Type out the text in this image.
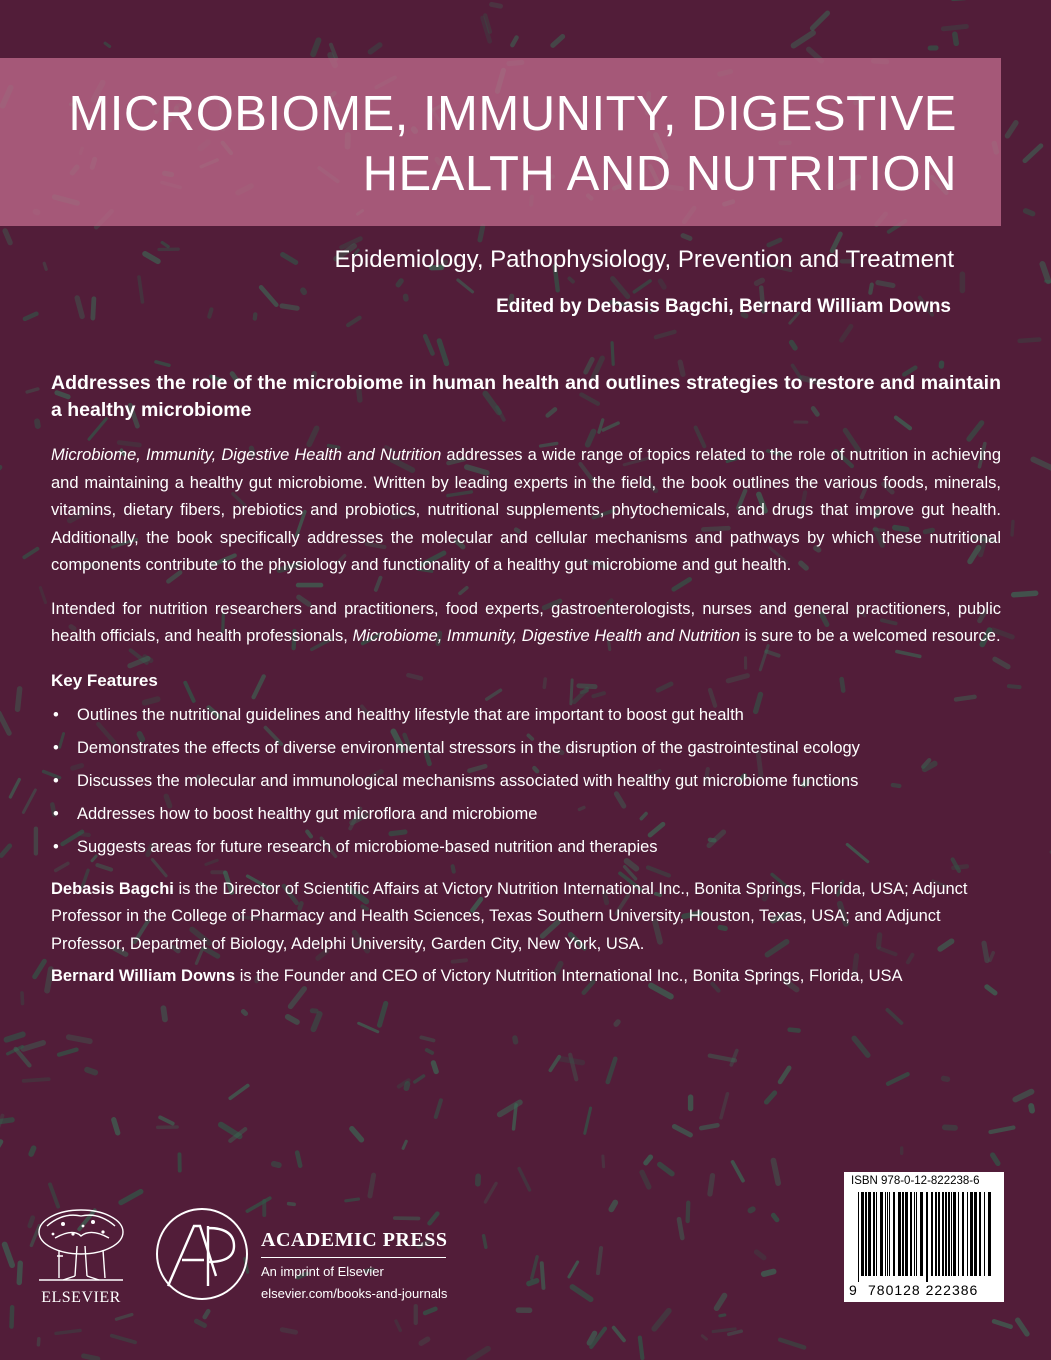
MICROBIOME, IMMUNITY, DIGESTIVE
HEALTH AND NUTRITION
Epidemiology, Pathophysiology, Prevention and Treatment
Edited by Debasis Bagchi, Bernard William Downs

Addresses the role of the microbiome in human health and outlines strategies to restore and maintain a healthy microbiome

Microbiome, Immunity, Digestive Health and Nutrition addresses a wide range of topics related to the role of nutrition in achieving and maintaining a healthy gut microbiome. Written by leading experts in the field, the book outlines the various foods, minerals, vitamins, dietary fibers, prebiotics and probiotics, nutritional supplements, phytochemicals, and drugs that improve gut health. Additionally, the book specifically addresses the molecular and cellular mechanisms and pathways by which these nutritional components contribute to the physiology and functionality of a healthy gut microbiome and gut health.

Intended for nutrition researchers and practitioners, food experts, gastroenterologists, nurses and general practitioners, public health officials, and health professionals, Microbiome, Immunity, Digestive Health and Nutrition is sure to be a welcomed resource.

Key Features
• Outlines the nutritional guidelines and healthy lifestyle that are important to boost gut health
• Demonstrates the effects of diverse environmental stressors in the disruption of the gastrointestinal ecology
• Discusses the molecular and immunological mechanisms associated with healthy gut microbiome functions
• Addresses how to boost healthy gut microflora and microbiome
• Suggests areas for future research of microbiome-based nutrition and therapies

Debasis Bagchi is the Director of Scientific Affairs at Victory Nutrition International Inc., Bonita Springs, Florida, USA; Adjunct Professor in the College of Pharmacy and Health Sciences, Texas Southern University, Houston, Texas, USA; and Adjunct Professor, Departmet of Biology, Adelphi University, Garden City, New York, USA.

Bernard William Downs is the Founder and CEO of Victory Nutrition International Inc., Bonita Springs, Florida, USA

ELSEVIER
ACADEMIC PRESS
An imprint of Elsevier
elsevier.com/books-and-journals
ISBN 978-0-12-822238-6
9 780128 222386
